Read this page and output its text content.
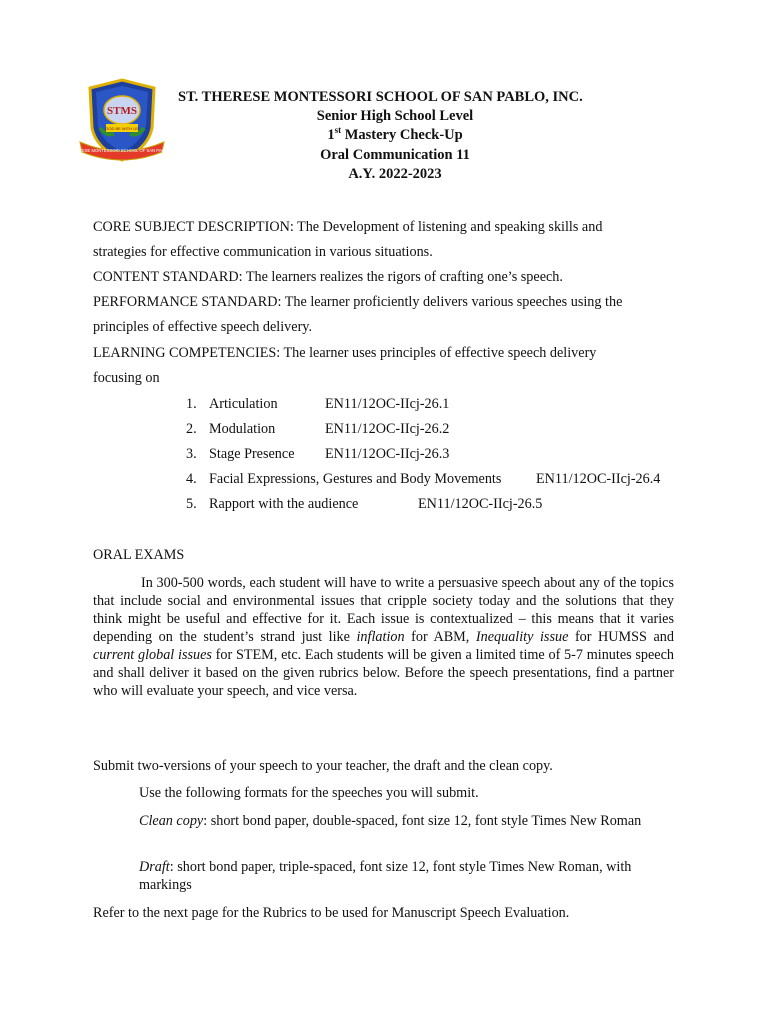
STMS
GOD BE WITH US
ST. THERESE MONTESSORI SCHOOL OF SAN PABLO, INC.
ST. THERESE MONTESSORI SCHOOL OF SAN PABLO, INC.
Senior High School Level
1st Mastery Check-Up
Oral Communication 11
A.Y. 2022-2023
CORE SUBJECT DESCRIPTION: The Development of listening and speaking skills and
strategies for effective communication in various situations.
CONTENT STANDARD: The learners realizes the rigors of crafting one’s speech.
PERFORMANCE STANDARD: The learner proficiently delivers various speeches using the
principles of effective speech delivery.
LEARNING COMPETENCIES: The learner uses principles of effective speech delivery
focusing on
1. Articulation	EN11/12OC-IIcj-26.1
2. Modulation	EN11/12OC-IIcj-26.2
3. Stage Presence EN11/12OC-IIcj-26.3
4. Facial Expressions, Gestures and Body Movements EN11/12OC-IIcj-26.4
5. Rapport with the audience	EN11/12OC-IIcj-26.5
ORAL EXAMS
In 300-500 words, each student will have to write a persuasive speech about any of the topics that include social and environmental issues that cripple society today and the solutions that they think might be useful and effective for it. Each issue is contextualized – this means that it varies depending on the student’s strand just like inflation for ABM, Inequality issue for HUMSS and current global issues for STEM, etc. Each students will be given a limited time of 5-7 minutes speech and shall deliver it based on the given rubrics below. Before the speech presentations, find a partner who will evaluate your speech, and vice versa.
Submit two-versions of your speech to your teacher, the draft and the clean copy.
Use the following formats for the speeches you will submit.
Clean copy: short bond paper, double-spaced, font size 12, font style Times New Roman
Draft: short bond paper, triple-spaced, font size 12, font style Times New Roman, with markings
Refer to the next page for the Rubrics to be used for Manuscript Speech Evaluation.
